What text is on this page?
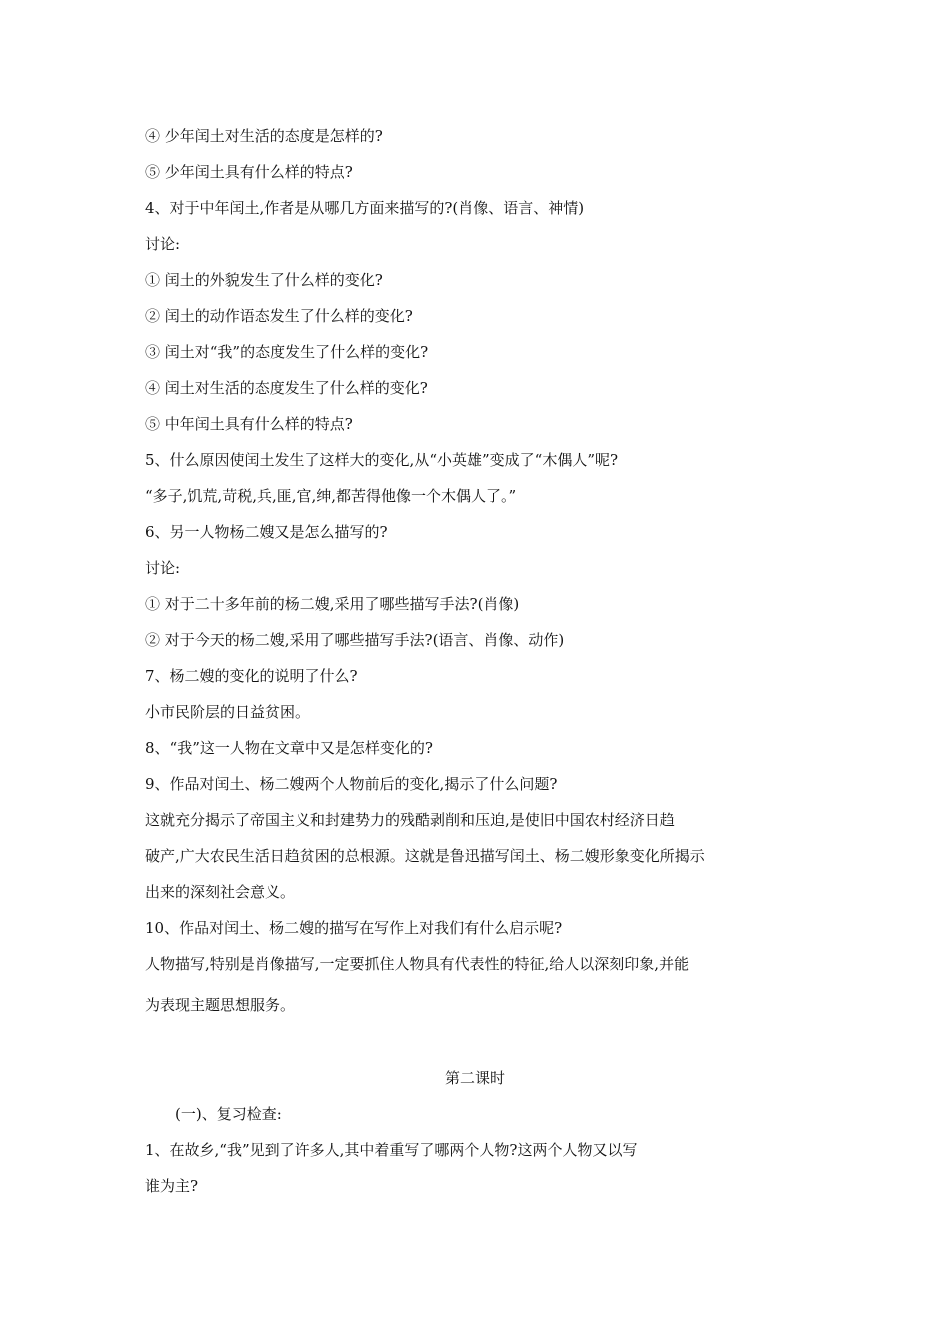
④ 少年闰土对生活的态度是怎样的?
⑤ 少年闰土具有什么样的特点?
4、对于中年闰土,作者是从哪几方面来描写的?(肖像、语言、神情)
讨论:
① 闰土的外貌发生了什么样的变化?
② 闰土的动作语态发生了什么样的变化?
③ 闰土对“我”的态度发生了什么样的变化?
④ 闰土对生活的态度发生了什么样的变化?
⑤ 中年闰土具有什么样的特点?
5、什么原因使闰土发生了这样大的变化,从“小英雄”变成了“木偶人”呢?
“多子,饥荒,苛税,兵,匪,官,绅,都苦得他像一个木偶人了。”
6、另一人物杨二嫂又是怎么描写的?
讨论:
① 对于二十多年前的杨二嫂,采用了哪些描写手法?(肖像)
② 对于今天的杨二嫂,采用了哪些描写手法?(语言、肖像、动作)
7、杨二嫂的变化的说明了什么?
小市民阶层的日益贫困。
8、“我”这一人物在文章中又是怎样变化的?
9、作品对闰土、杨二嫂两个人物前后的变化,揭示了什么问题?
这就充分揭示了帝国主义和封建势力的残酷剥削和压迫,是使旧中国农村经济日趋
破产,广大农民生活日趋贫困的总根源。这就是鲁迅描写闰土、杨二嫂形象变化所揭示
出来的深刻社会意义。
10、作品对闰土、杨二嫂的描写在写作上对我们有什么启示呢?
人物描写,特别是肖像描写,一定要抓住人物具有代表性的特征,给人以深刻印象,并能
为表现主题思想服务。
第二课时
(一)、复习检查:
1、在故乡,“我”见到了许多人,其中着重写了哪两个人物?这两个人物又以写
谁为主?
